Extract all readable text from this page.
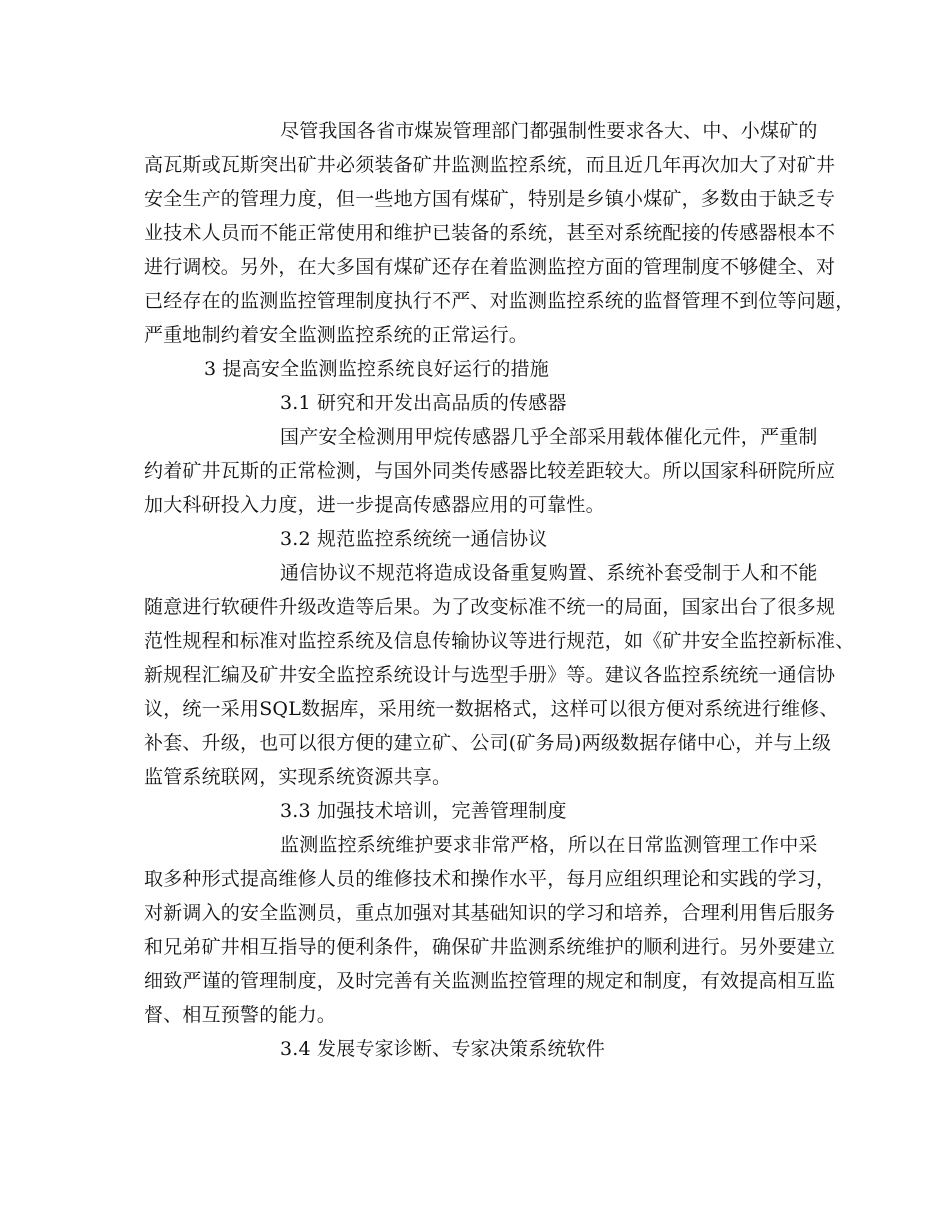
尽管我国各省市煤炭管理部门都强制性要求各大、中、小煤矿的
高瓦斯或瓦斯突出矿井必须装备矿井监测监控系统，而且近几年再次加大了对矿井
安全生产的管理力度，但一些地方国有煤矿，特别是乡镇小煤矿，多数由于缺乏专
业技术人员而不能正常使用和维护已装备的系统，甚至对系统配接的传感器根本不
进行调校。另外，在大多国有煤矿还存在着监测监控方面的管理制度不够健全、对
已经存在的监测监控管理制度执行不严、对监测监控系统的监督管理不到位等问题，
严重地制约着安全监测监控系统的正常运行。
3 提高安全监测监控系统良好运行的措施
3.1 研究和开发出高品质的传感器
国产安全检测用甲烷传感器几乎全部采用载体催化元件，严重制
约着矿井瓦斯的正常检测，与国外同类传感器比较差距较大。所以国家科研院所应
加大科研投入力度，进一步提高传感器应用的可靠性。
3.2 规范监控系统统一通信协议
通信协议不规范将造成设备重复购置、系统补套受制于人和不能
随意进行软硬件升级改造等后果。为了改变标准不统一的局面，国家出台了很多规
范性规程和标准对监控系统及信息传输协议等进行规范，如《矿井安全监控新标准、
新规程汇编及矿井安全监控系统设计与选型手册》等。建议各监控系统统一通信协
议，统一采用SQL数据库，采用统一数据格式，这样可以很方便对系统进行维修、
补套、升级，也可以很方便的建立矿、公司(矿务局)两级数据存储中心，并与上级
监管系统联网，实现系统资源共享。
3.3 加强技术培训，完善管理制度
监测监控系统维护要求非常严格，所以在日常监测管理工作中采
取多种形式提高维修人员的维修技术和操作水平，每月应组织理论和实践的学习，
对新调入的安全监测员，重点加强对其基础知识的学习和培养，合理利用售后服务
和兄弟矿井相互指导的便利条件，确保矿井监测系统维护的顺利进行。另外要建立
细致严谨的管理制度，及时完善有关监测监控管理的规定和制度，有效提高相互监
督、相互预警的能力。
3.4 发展专家诊断、专家决策系统软件
